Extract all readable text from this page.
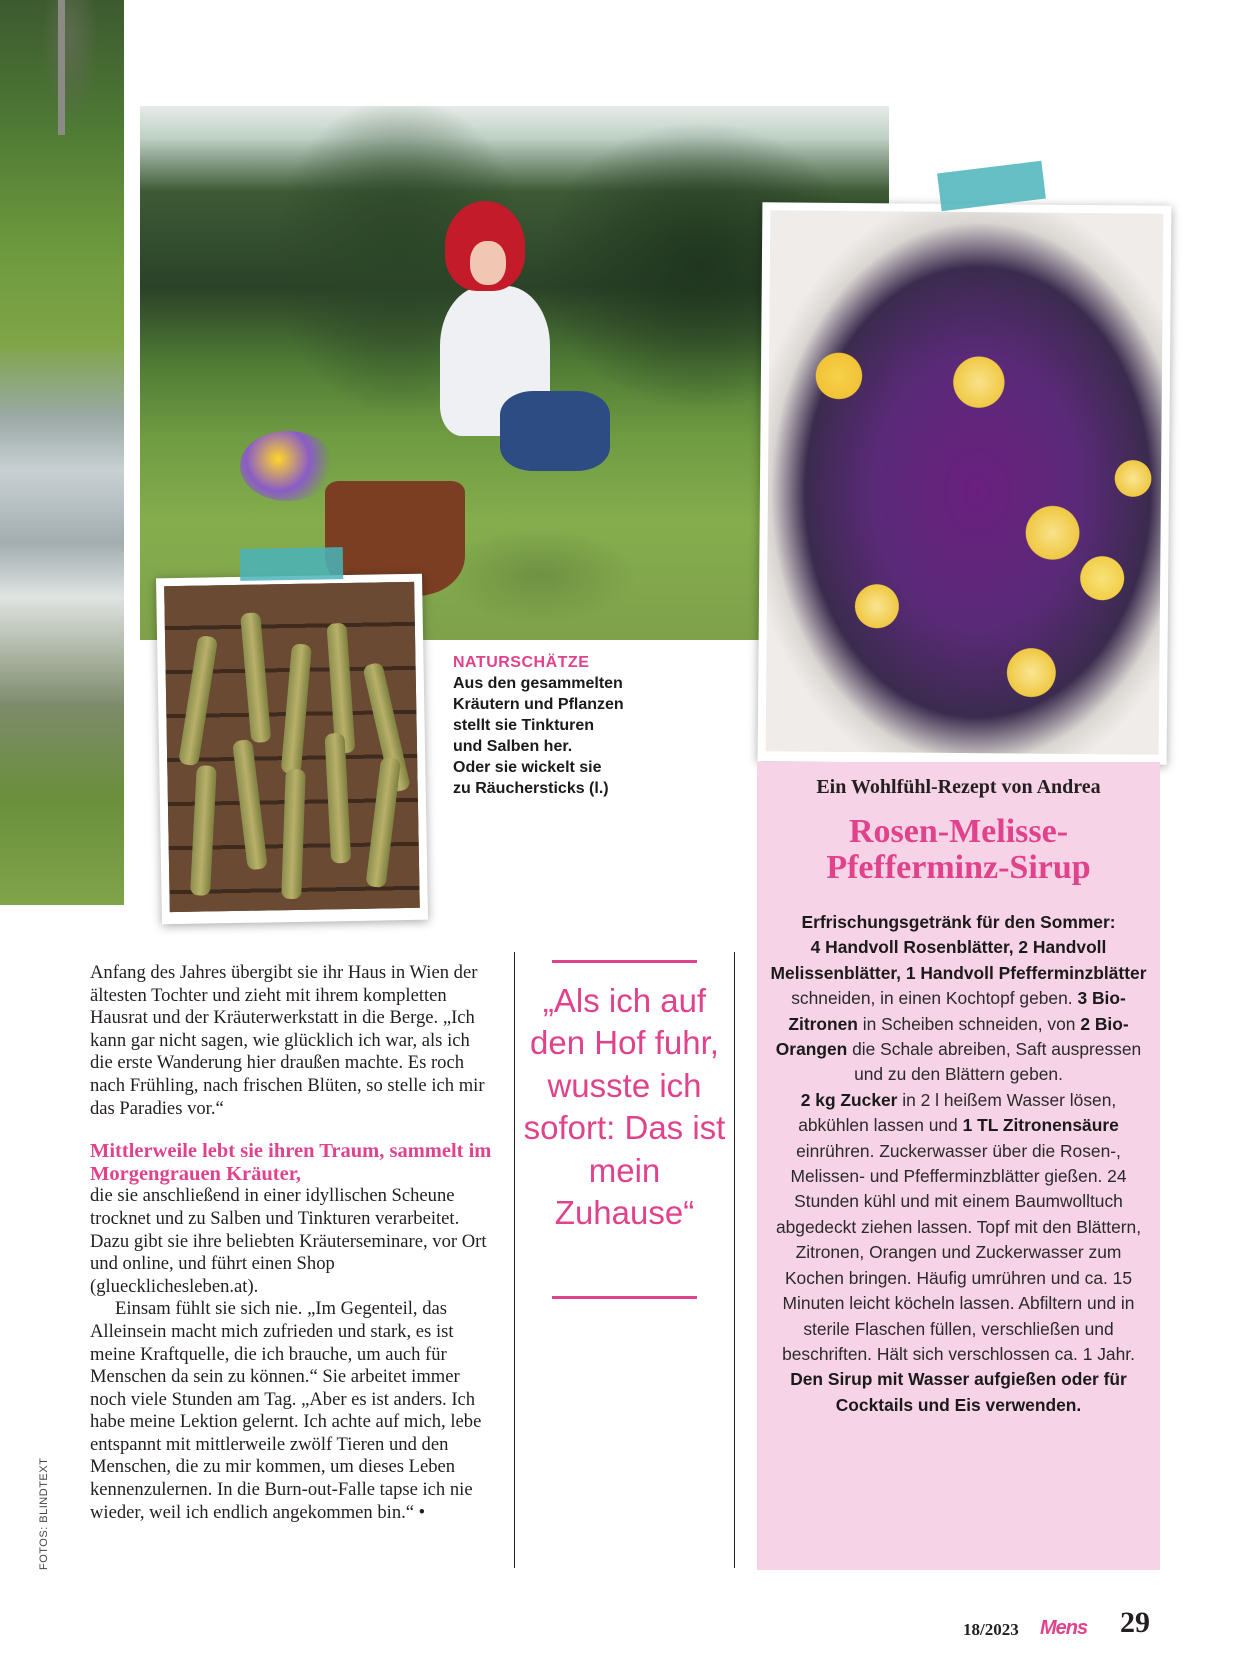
NATURSCHÄTZE
Aus den gesammelten
Kräutern und Pflanzen
stellt sie Tinkturen
und Salben her.
Oder sie wickelt sie
zu Räuchersticks (l.)

Anfang des Jahres übergibt sie ihr Haus in Wien der ältesten Tochter und zieht mit ihrem kompletten Hausrat und der Kräuterwerkstatt in die Berge. „Ich kann gar nicht sagen, wie glücklich ich war, als ich die erste Wanderung hier draußen machte. Es roch nach Frühling, nach frischen Blüten, so stelle ich mir das Paradies vor.“

Mittlerweile lebt sie ihren Traum, sammelt im Morgengrauen Kräuter,

die sie anschließend in einer idyllischen Scheune trocknet und zu Salben und Tinkturen verarbeitet. Dazu gibt sie ihre beliebten Kräuterseminare, vor Ort und online, und führt einen Shop (gluecklichesleben.at).

Einsam fühlt sie sich nie. „Im Gegenteil, das Alleinsein macht mich zufrieden und stark, es ist meine Kraftquelle, die ich brauche, um auch für Menschen da sein zu können.“ Sie arbeitet immer noch viele Stunden am Tag. „Aber es ist anders. Ich habe meine Lektion gelernt. Ich achte auf mich, lebe entspannt mit mittlerweile zwölf Tieren und den Menschen, die zu mir kommen, um dieses Leben kennenzulernen. In die Burn-out-Falle tapse ich nie wieder, weil ich endlich angekommen bin.“ •

„Als ich auf den Hof fuhr, wusste ich sofort: Das ist mein Zuhause“
Ein Wohlfühl-Rezept von Andrea
Rosen-Melisse-
Pfefferminz-Sirup

Erfrischungsgetränk für den Sommer:

4 Handvoll Rosenblätter, 2 Handvoll Melissenblätter, 1 Handvoll Pfefferminzblätter schneiden, in einen Kochtopf geben. 3 Bio-Zitronen in Scheiben schneiden, von 2 Bio-Orangen die Schale abreiben, Saft auspressen und zu den Blättern geben.

2 kg Zucker in 2 l heißem Wasser lösen, abkühlen lassen und 1 TL Zitronensäure einrühren. Zuckerwasser über die Rosen-, Melissen- und Pfefferminzblätter gießen. 24 Stunden kühl und mit einem Baumwolltuch abgedeckt ziehen lassen. Topf mit den Blättern, Zitronen, Orangen und Zuckerwasser zum Kochen bringen. Häufig umrühren und ca. 15 Minuten leicht köcheln lassen. Abfiltern und in sterile Flaschen füllen, verschließen und beschriften. Hält sich verschlossen ca. 1 Jahr.

Den Sirup mit Wasser aufgießen oder für Cocktails und Eis verwenden.

FOTOS: BLINDTEXT
18/2023 Mens 29
